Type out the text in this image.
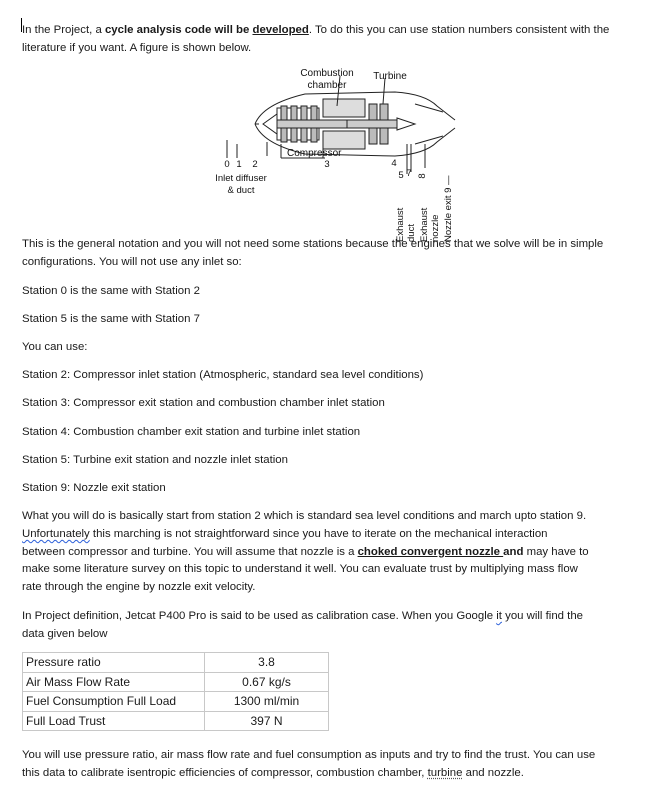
In the Project, a cycle analysis code will be developed. To do this you can use station numbers consistent with the
literature if you want. A figure is shown below.
Combustion
chamber
Turbine
Compressor
0 1 2	3	4
5 7 8
Inlet diffuser
& duct
Exhaust duct Exhaust nozzle Nozzle exit 9 —

This is the general notation and you will not need some stations because the engines that we solve will be in simple configurations. You will not use any inlet so:

Station 0 is the same with Station 2
Station 5 is the same with Station 7
You can use:
Station 2: Compressor inlet station (Atmospheric, standard sea level conditions)
Station 3: Compressor exit station and combustion chamber inlet station
Station 4: Combustion chamber exit station and turbine inlet station
Station 5: Turbine exit station and nozzle inlet station
Station 9: Nozzle exit station
What you will do is basically start from station 2 which is standard sea level conditions and march upto station 9.
Unfortunately this marching is not straightforward since you have to iterate on the mechanical interaction
between compressor and turbine. You will assume that nozzle is a choked convergent nozzle and may have to
make some literature survey on this topic to understand it well. You can evaluate trust by multiplying mass flow
rate through the engine by nozzle exit velocity.
In Project definition, Jetcat P400 Pro is said to be used as calibration case. When you Google it you will find the
data given below
Pressure ratio	3.8
Air Mass Flow Rate	0.67 kg/s
Fuel Consumption Full Load	1300 ml/min
Full Load Trust	397 N
You will use pressure ratio, air mass flow rate and fuel consumption as inputs and try to find the trust. You can use
this data to calibrate isentropic efficiencies of compressor, combustion chamber, turbine and nozzle.
